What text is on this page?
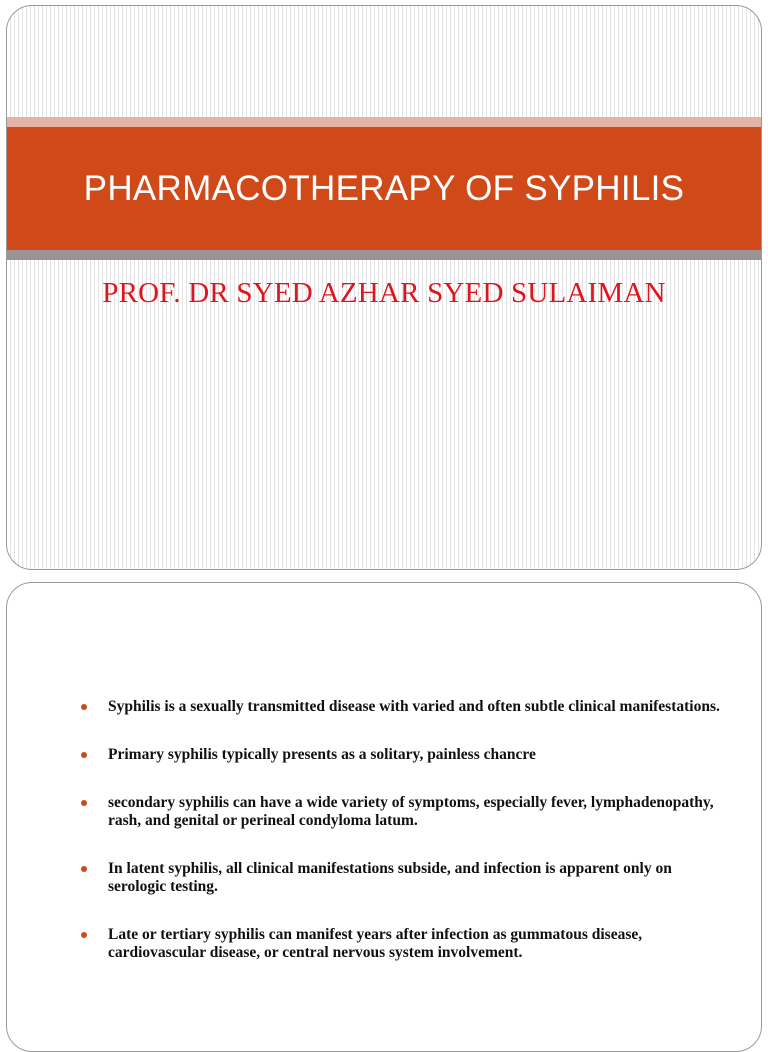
PHARMACOTHERAPY OF SYPHILIS
PROF. DR SYED AZHAR SYED SULAIMAN
Syphilis is a sexually transmitted disease with varied and often subtle clinical manifestations.
Primary syphilis typically presents as a solitary, painless chancre
secondary syphilis can have a wide variety of symptoms, especially fever, lymphadenopathy, rash, and genital or perineal condyloma latum.
In latent syphilis, all clinical manifestations subside, and infection is apparent only on serologic testing.
Late or tertiary syphilis can manifest years after infection as gummatous disease, cardiovascular disease, or central nervous system involvement.
